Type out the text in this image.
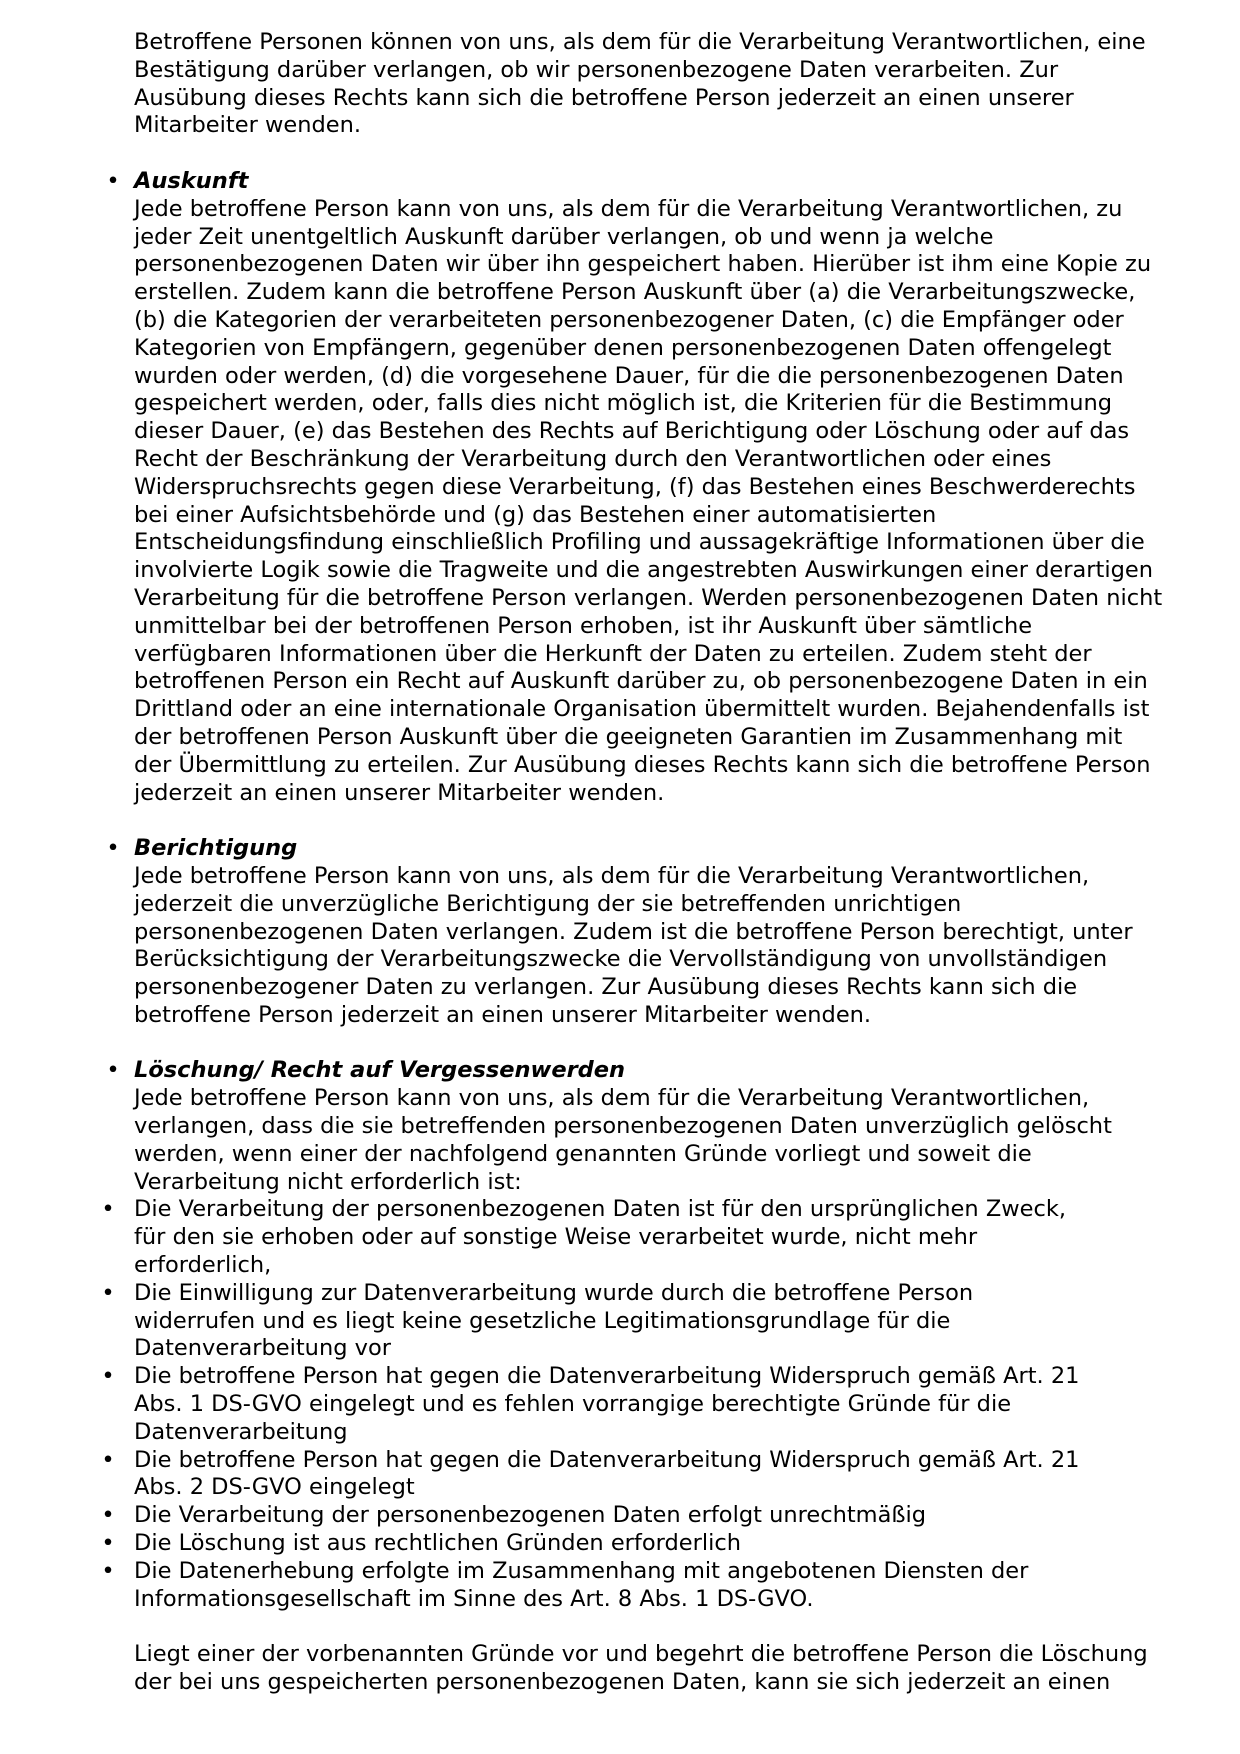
Betroffene Personen können von uns, als dem für die Verarbeitung Verantwortlichen, eine
Bestätigung darüber verlangen, ob wir personenbezogene Daten verarbeiten. Zur
Ausübung dieses Rechts kann sich die betroffene Person jederzeit an einen unserer
Mitarbeiter wenden.

• Auskunft

Jede betroffene Person kann von uns, als dem für die Verarbeitung Verantwortlichen, zu
jeder Zeit unentgeltlich Auskunft darüber verlangen, ob und wenn ja welche
personenbezogenen Daten wir über ihn gespeichert haben. Hierüber ist ihm eine Kopie zu
erstellen. Zudem kann die betroffene Person Auskunft über (a) die Verarbeitungszwecke,
(b) die Kategorien der verarbeiteten personenbezogener Daten, (c) die Empfänger oder
Kategorien von Empfängern, gegenüber denen personenbezogenen Daten offengelegt
wurden oder werden, (d) die vorgesehene Dauer, für die die personenbezogenen Daten
gespeichert werden, oder, falls dies nicht möglich ist, die Kriterien für die Bestimmung
dieser Dauer, (e) das Bestehen des Rechts auf Berichtigung oder Löschung oder auf das
Recht der Beschränkung der Verarbeitung durch den Verantwortlichen oder eines
Widerspruchsrechts gegen diese Verarbeitung, (f) das Bestehen eines Beschwerderechts
bei einer Aufsichtsbehörde und (g) das Bestehen einer automatisierten
Entscheidungsfindung einschließlich Profiling und aussagekräftige Informationen über die
involvierte Logik sowie die Tragweite und die angestrebten Auswirkungen einer derartigen
Verarbeitung für die betroffene Person verlangen. Werden personenbezogenen Daten nicht
unmittelbar bei der betroffenen Person erhoben, ist ihr Auskunft über sämtliche
verfügbaren Informationen über die Herkunft der Daten zu erteilen. Zudem steht der
betroffenen Person ein Recht auf Auskunft darüber zu, ob personenbezogene Daten in ein
Drittland oder an eine internationale Organisation übermittelt wurden. Bejahendenfalls ist
der betroffenen Person Auskunft über die geeigneten Garantien im Zusammenhang mit
der Übermittlung zu erteilen. Zur Ausübung dieses Rechts kann sich die betroffene Person
jederzeit an einen unserer Mitarbeiter wenden.

• Berichtigung

Jede betroffene Person kann von uns, als dem für die Verarbeitung Verantwortlichen,
jederzeit die unverzügliche Berichtigung der sie betreffenden unrichtigen
personenbezogenen Daten verlangen. Zudem ist die betroffene Person berechtigt, unter
Berücksichtigung der Verarbeitungszwecke die Vervollständigung von unvollständigen
personenbezogener Daten zu verlangen. Zur Ausübung dieses Rechts kann sich die
betroffene Person jederzeit an einen unserer Mitarbeiter wenden.

• Löschung/ Recht auf Vergessenwerden

Jede betroffene Person kann von uns, als dem für die Verarbeitung Verantwortlichen,
verlangen, dass die sie betreffenden personenbezogenen Daten unverzüglich gelöscht
werden, wenn einer der nachfolgend genannten Gründe vorliegt und soweit die
Verarbeitung nicht erforderlich ist:

• Die Verarbeitung der personenbezogenen Daten ist für den ursprünglichen Zweck,
für den sie erhoben oder auf sonstige Weise verarbeitet wurde, nicht mehr
erforderlich,
• Die Einwilligung zur Datenverarbeitung wurde durch die betroffene Person
widerrufen und es liegt keine gesetzliche Legitimationsgrundlage für die
Datenverarbeitung vor
• Die betroffene Person hat gegen die Datenverarbeitung Widerspruch gemäß Art. 21
Abs. 1 DS-GVO eingelegt und es fehlen vorrangige berechtigte Gründe für die
Datenverarbeitung
• Die betroffene Person hat gegen die Datenverarbeitung Widerspruch gemäß Art. 21
Abs. 2 DS-GVO eingelegt
• Die Verarbeitung der personenbezogenen Daten erfolgt unrechtmäßig
• Die Löschung ist aus rechtlichen Gründen erforderlich
• Die Datenerhebung erfolgte im Zusammenhang mit angebotenen Diensten der
Informationsgesellschaft im Sinne des Art. 8 Abs. 1 DS-GVO.

Liegt einer der vorbenannten Gründe vor und begehrt die betroffene Person die Löschung
der bei uns gespeicherten personenbezogenen Daten, kann sie sich jederzeit an einen
